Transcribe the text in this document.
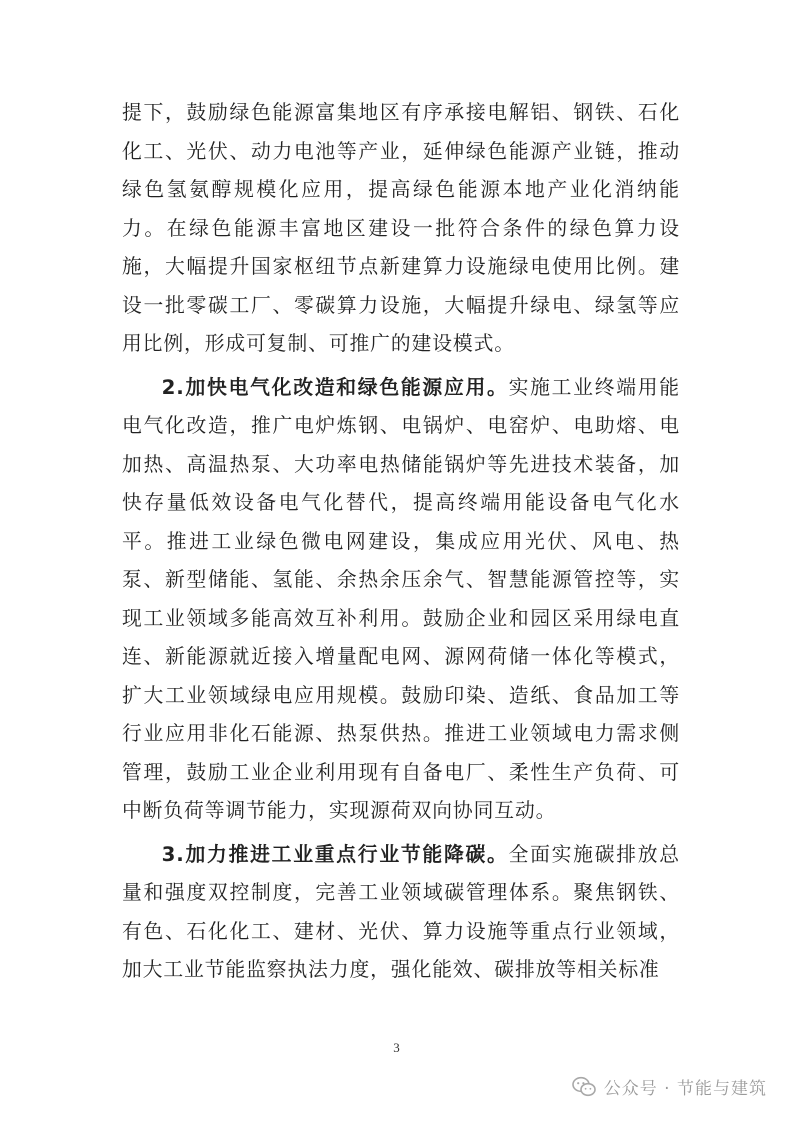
提下，鼓励绿色能源富集地区有序承接电解铝、钢铁、石化化工、光伏、动力电池等产业，延伸绿色能源产业链，推动绿色氢氨醇规模化应用，提高绿色能源本地产业化消纳能力。在绿色能源丰富地区建设一批符合条件的绿色算力设施，大幅提升国家枢纽节点新建算力设施绿电使用比例。建设一批零碳工厂、零碳算力设施，大幅提升绿电、绿氢等应用比例，形成可复制、可推广的建设模式。

2.加快电气化改造和绿色能源应用。实施工业终端用能电气化改造，推广电炉炼钢、电锅炉、电窑炉、电助熔、电加热、高温热泵、大功率电热储能锅炉等先进技术装备，加快存量低效设备电气化替代，提高终端用能设备电气化水平。推进工业绿色微电网建设，集成应用光伏、风电、热泵、新型储能、氢能、余热余压余气、智慧能源管控等，实现工业领域多能高效互补利用。鼓励企业和园区采用绿电直连、新能源就近接入增量配电网、源网荷储一体化等模式，扩大工业领域绿电应用规模。鼓励印染、造纸、食品加工等行业应用非化石能源、热泵供热。推进工业领域电力需求侧管理，鼓励工业企业利用现有自备电厂、柔性生产负荷、可中断负荷等调节能力，实现源荷双向协同互动。

3.加力推进工业重点行业节能降碳。全面实施碳排放总量和强度双控制度，完善工业领域碳管理体系。聚焦钢铁、有色、石化化工、建材、光伏、算力设施等重点行业领域，加大工业节能监察执法力度，强化能效、碳排放等相关标准

3
公众号 · 节能与建筑
